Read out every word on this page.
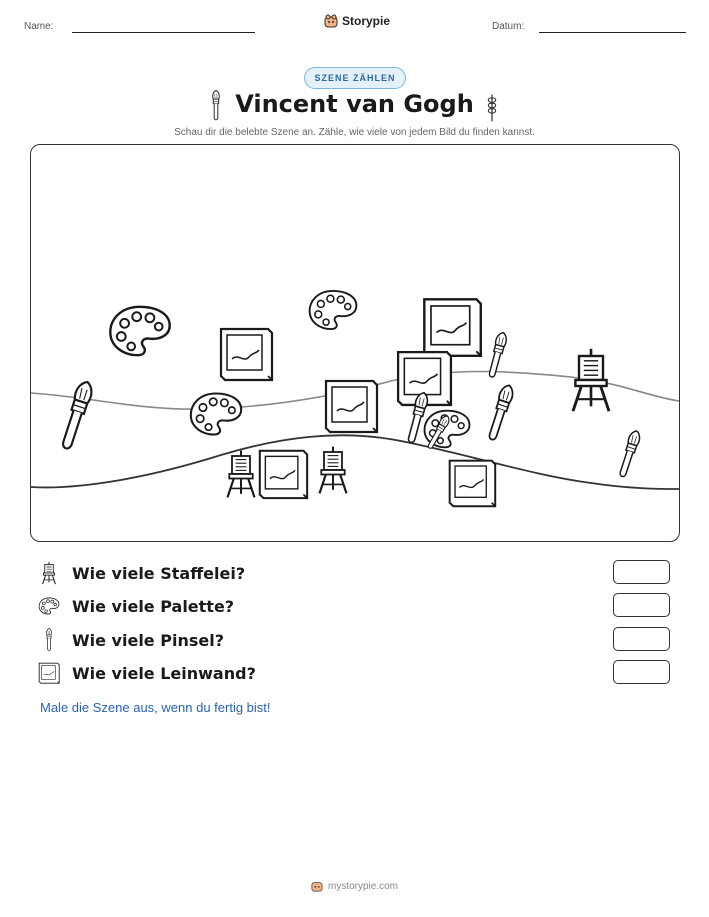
Name:	Storypie	Datum:
SZENE ZÄHLEN
Vincent van Gogh
Schau dir die belebte Szene an. Zähle, wie viele von jedem Bild du finden kannst.
Wie viele Staffelei?
Wie viele Palette?
Wie viele Pinsel?
Wie viele Leinwand?
Male die Szene aus, wenn du fertig bist!
mystorypie.com
